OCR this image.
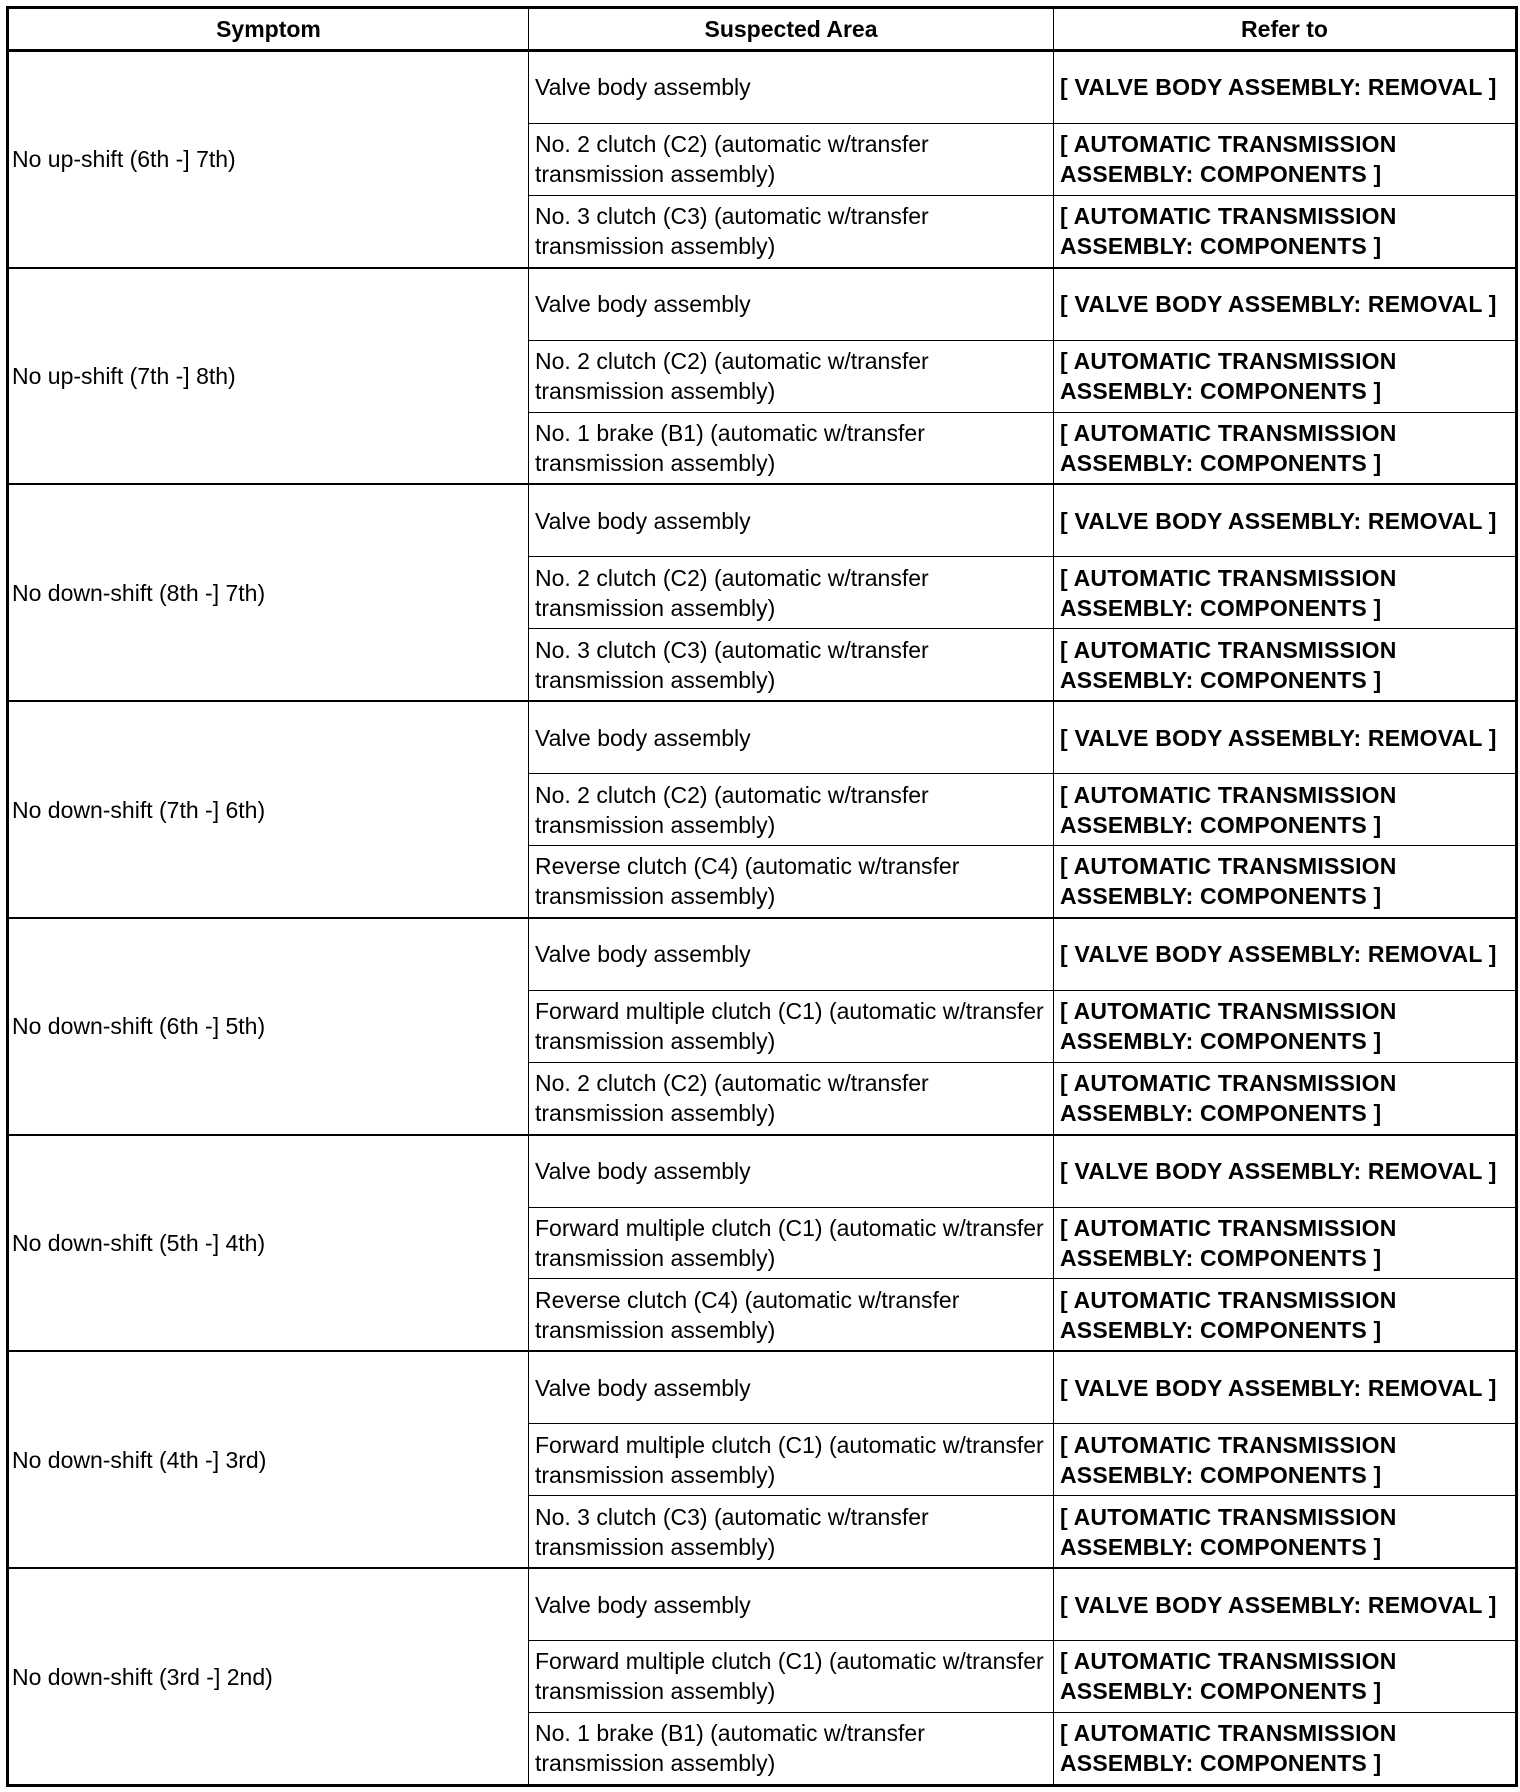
Symptom	Suspected Area	Refer to
No up-shift (6th -] 7th)	Valve body assembly	[ VALVE BODY ASSEMBLY: REMOVAL ]
	No. 2 clutch (C2) (automatic w/transfer transmission assembly)	[ AUTOMATIC TRANSMISSION ASSEMBLY: COMPONENTS ]
	No. 3 clutch (C3) (automatic w/transfer transmission assembly)	[ AUTOMATIC TRANSMISSION ASSEMBLY: COMPONENTS ]
No up-shift (7th -] 8th)	Valve body assembly	[ VALVE BODY ASSEMBLY: REMOVAL ]
	No. 2 clutch (C2) (automatic w/transfer transmission assembly)	[ AUTOMATIC TRANSMISSION ASSEMBLY: COMPONENTS ]
	No. 1 brake (B1) (automatic w/transfer transmission assembly)	[ AUTOMATIC TRANSMISSION ASSEMBLY: COMPONENTS ]
No down-shift (8th -] 7th)	Valve body assembly	[ VALVE BODY ASSEMBLY: REMOVAL ]
	No. 2 clutch (C2) (automatic w/transfer transmission assembly)	[ AUTOMATIC TRANSMISSION ASSEMBLY: COMPONENTS ]
	No. 3 clutch (C3) (automatic w/transfer transmission assembly)	[ AUTOMATIC TRANSMISSION ASSEMBLY: COMPONENTS ]
No down-shift (7th -] 6th)	Valve body assembly	[ VALVE BODY ASSEMBLY: REMOVAL ]
	No. 2 clutch (C2) (automatic w/transfer transmission assembly)	[ AUTOMATIC TRANSMISSION ASSEMBLY: COMPONENTS ]
	Reverse clutch (C4) (automatic w/transfer transmission assembly)	[ AUTOMATIC TRANSMISSION ASSEMBLY: COMPONENTS ]
No down-shift (6th -] 5th)	Valve body assembly	[ VALVE BODY ASSEMBLY: REMOVAL ]
	Forward multiple clutch (C1) (automatic w/transfer transmission assembly)	[ AUTOMATIC TRANSMISSION ASSEMBLY: COMPONENTS ]
	No. 2 clutch (C2) (automatic w/transfer transmission assembly)	[ AUTOMATIC TRANSMISSION ASSEMBLY: COMPONENTS ]
No down-shift (5th -] 4th)	Valve body assembly	[ VALVE BODY ASSEMBLY: REMOVAL ]
	Forward multiple clutch (C1) (automatic w/transfer transmission assembly)	[ AUTOMATIC TRANSMISSION ASSEMBLY: COMPONENTS ]
	Reverse clutch (C4) (automatic w/transfer transmission assembly)	[ AUTOMATIC TRANSMISSION ASSEMBLY: COMPONENTS ]
No down-shift (4th -] 3rd)	Valve body assembly	[ VALVE BODY ASSEMBLY: REMOVAL ]
	Forward multiple clutch (C1) (automatic w/transfer transmission assembly)	[ AUTOMATIC TRANSMISSION ASSEMBLY: COMPONENTS ]
	No. 3 clutch (C3) (automatic w/transfer transmission assembly)	[ AUTOMATIC TRANSMISSION ASSEMBLY: COMPONENTS ]
No down-shift (3rd -] 2nd)	Valve body assembly	[ VALVE BODY ASSEMBLY: REMOVAL ]
	Forward multiple clutch (C1) (automatic w/transfer transmission assembly)	[ AUTOMATIC TRANSMISSION ASSEMBLY: COMPONENTS ]
	No. 1 brake (B1) (automatic w/transfer transmission assembly)	[ AUTOMATIC TRANSMISSION ASSEMBLY: COMPONENTS ]
